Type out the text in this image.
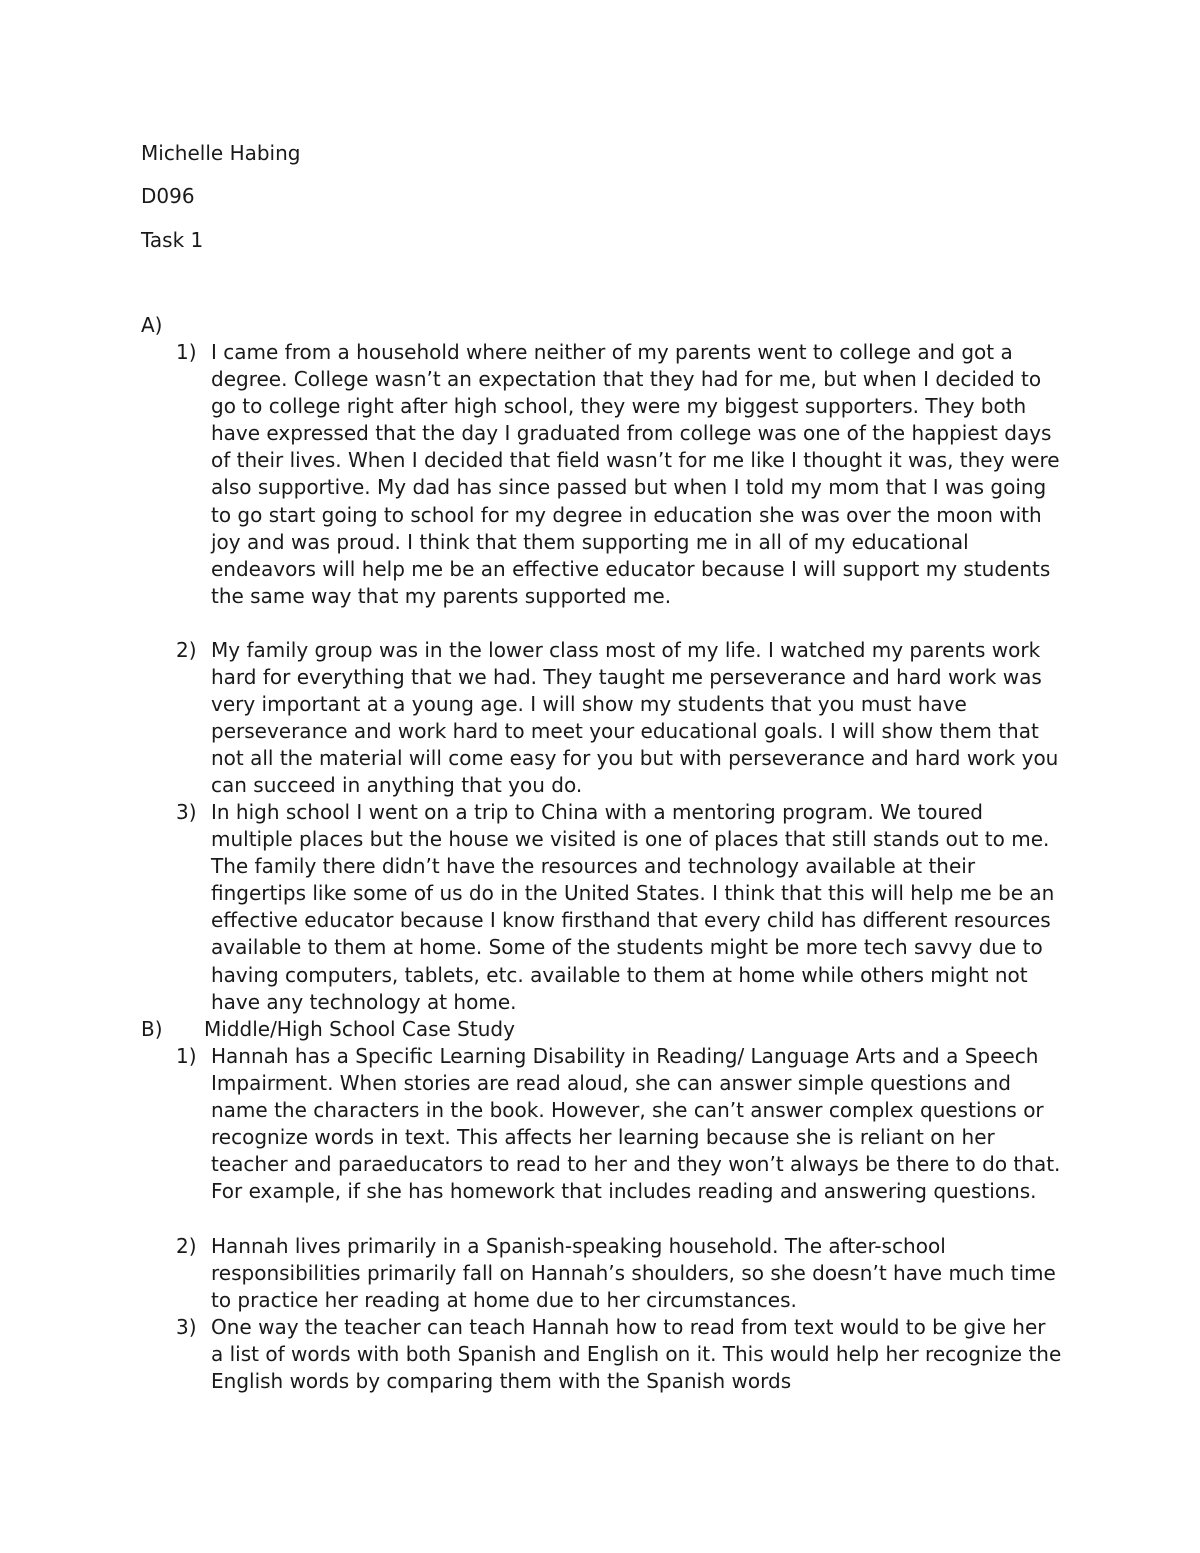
Michelle Habing
D096
Task 1
A)
1) I came from a household where neither of my parents went to college and got a degree. College wasn’t an expectation that they had for me, but when I decided to go to college right after high school, they were my biggest supporters. They both have expressed that the day I graduated from college was one of the happiest days of their lives. When I decided that field wasn’t for me like I thought it was, they were also supportive. My dad has since passed but when I told my mom that I was going to go start going to school for my degree in education she was over the moon with joy and was proud. I think that them supporting me in all of my educational endeavors will help me be an effective educator because I will support my students the same way that my parents supported me.

2) My family group was in the lower class most of my life. I watched my parents work hard for everything that we had. They taught me perseverance and hard work was very important at a young age. I will show my students that you must have perseverance and work hard to meet your educational goals. I will show them that not all the material will come easy for you but with perseverance and hard work you can succeed in anything that you do.

3) In high school I went on a trip to China with a mentoring program. We toured multiple places but the house we visited is one of places that still stands out to me. The family there didn’t have the resources and technology available at their fingertips like some of us do in the United States. I think that this will help me be an effective educator because I know firsthand that every child has different resources available to them at home. Some of the students might be more tech savvy due to having computers, tablets, etc. available to them at home while others might not have any technology at home.

B) Middle/High School Case Study
1) Hannah has a Specific Learning Disability in Reading/ Language Arts and a Speech Impairment. When stories are read aloud, she can answer simple questions and name the characters in the book. However, she can’t answer complex questions or recognize words in text. This affects her learning because she is reliant on her teacher and paraeducators to read to her and they won’t always be there to do that. For example, if she has homework that includes reading and answering questions.

2) Hannah lives primarily in a Spanish-speaking household. The after-school responsibilities primarily fall on Hannah’s shoulders, so she doesn’t have much time to practice her reading at home due to her circumstances.

3) One way the teacher can teach Hannah how to read from text would to be give her a list of words with both Spanish and English on it. This would help her recognize the English words by comparing them with the Spanish words
